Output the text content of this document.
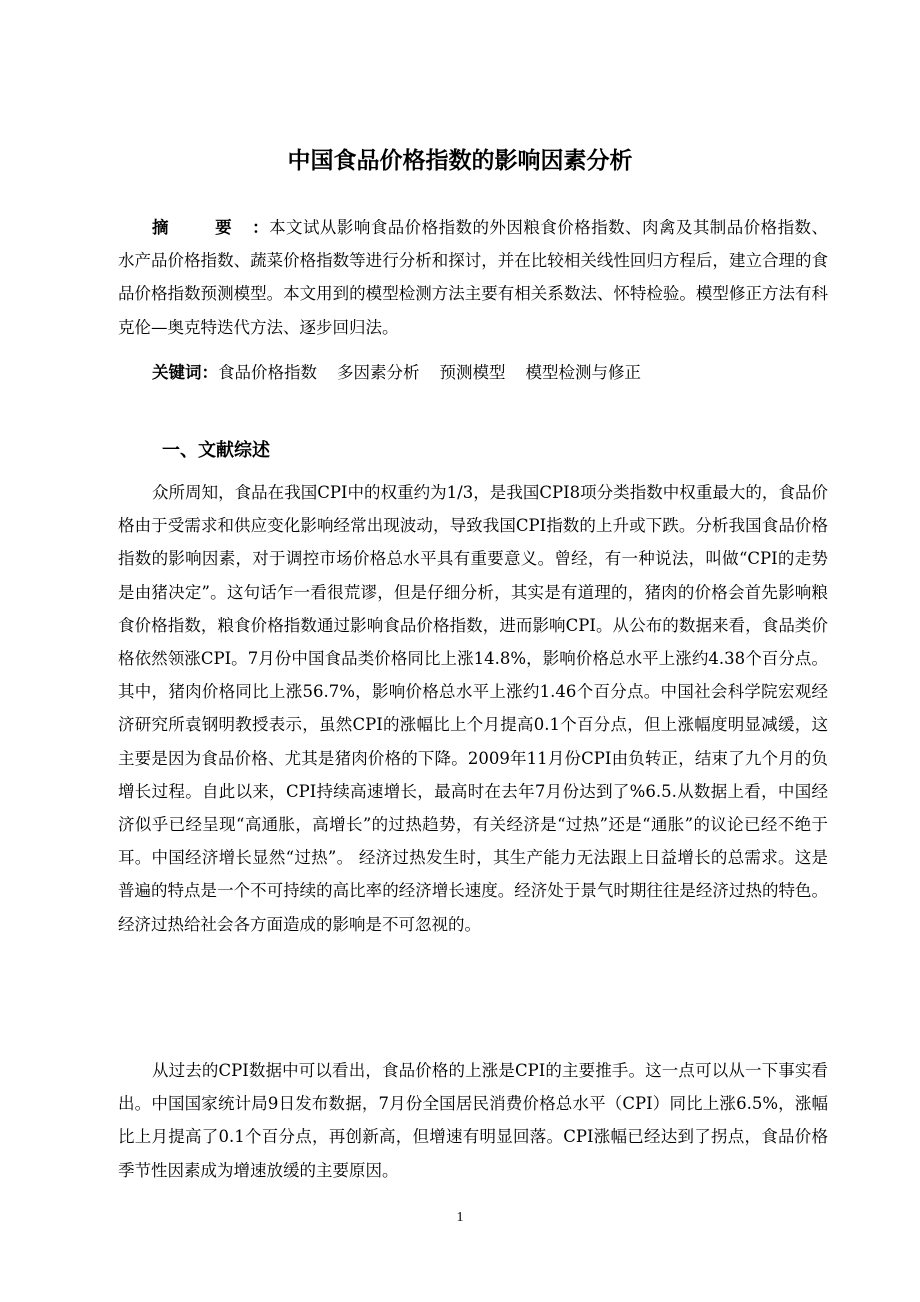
中国食品价格指数的影响因素分析

摘 要：本文试从影响食品价格指数的外因粮食价格指数、肉禽及其制品价格指数、水产品价格指数、蔬菜价格指数等进行分析和探讨，并在比较相关线性回归方程后，建立合理的食品价格指数预测模型。本文用到的模型检测方法主要有相关系数法、怀特检验。模型修正方法有科克伦—奥克特迭代方法、逐步回归法。

关键词：食品价格指数 多因素分析 预测模型 模型检测与修正

一、文献综述

众所周知，食品在我国CPI中的权重约为1/3，是我国CPI8项分类指数中权重最大的，食品价格由于受需求和供应变化影响经常出现波动，导致我国CPI指数的上升或下跌。分析我国食品价格指数的影响因素，对于调控市场价格总水平具有重要意义。曾经，有一种说法，叫做“CPI的走势是由猪决定”。这句话乍一看很荒谬，但是仔细分析，其实是有道理的，猪肉的价格会首先影响粮食价格指数，粮食价格指数通过影响食品价格指数，进而影响CPI。从公布的数据来看，食品类价格依然领涨CPI。7月份中国食品类价格同比上涨14.8%，影响价格总水平上涨约4.38个百分点。其中，猪肉价格同比上涨56.7%，影响价格总水平上涨约1.46个百分点。中国社会科学院宏观经济研究所袁钢明教授表示，虽然CPI的涨幅比上个月提高0.1个百分点，但上涨幅度明显减缓，这主要是因为食品价格、尤其是猪肉价格的下降。2009年11月份CPI由负转正，结束了九个月的负增长过程。自此以来，CPI持续高速增长，最高时在去年7月份达到了%6.5.从数据上看，中国经济似乎已经呈现“高通胀，高增长”的过热趋势，有关经济是“过热”还是“通胀”的议论已经不绝于耳。中国经济增长显然“过热”。 经济过热发生时，其生产能力无法跟上日益增长的总需求。这是普遍的特点是一个不可持续的高比率的经济增长速度。经济处于景气时期往往是经济过热的特色。 经济过热给社会各方面造成的影响是不可忽视的。

从过去的CPI数据中可以看出，食品价格的上涨是CPI的主要推手。这一点可以从一下事实看出。中国国家统计局9日发布数据，7月份全国居民消费价格总水平（CPI）同比上涨6.5%，涨幅比上月提高了0.1个百分点，再创新高，但增速有明显回落。CPI涨幅已经达到了拐点，食品价格季节性因素成为增速放缓的主要原因。

1
